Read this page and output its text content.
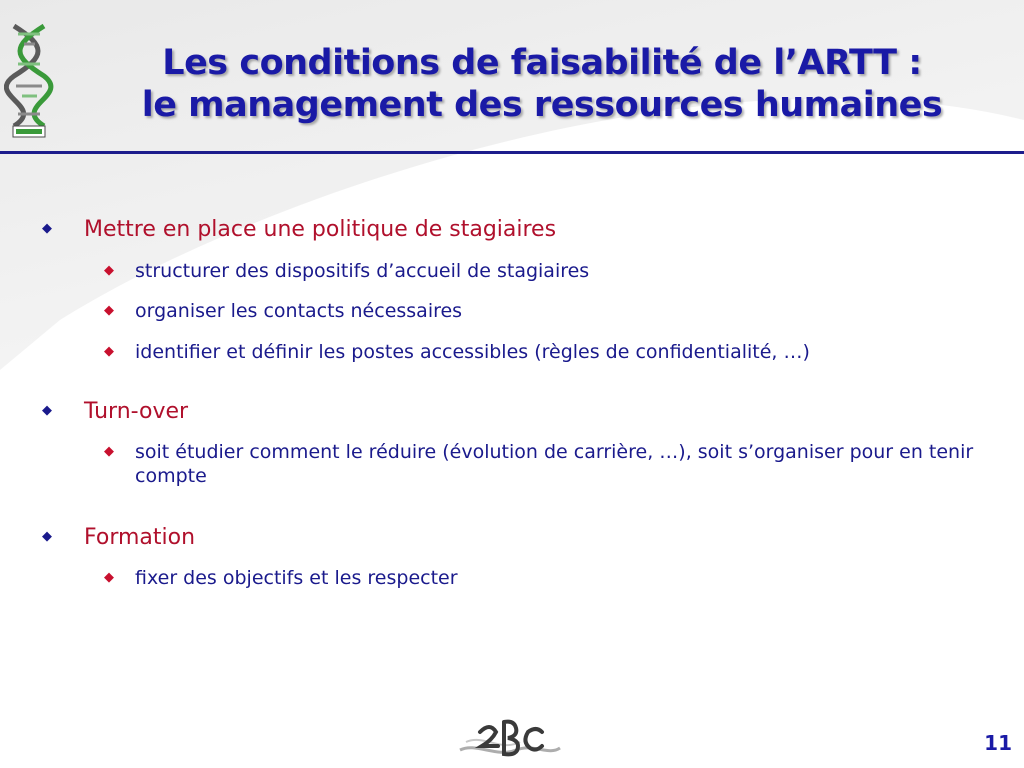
Les conditions de faisabilité de l’ARTT :
le management des ressources humaines
◆ Mettre en place une politique de stagiaires
◆ structurer des dispositifs d’accueil de stagiaires
◆ organiser les contacts nécessaires
◆ identifier et définir les postes accessibles (règles de confidentialité, …)
◆ Turn-over
◆ soit étudier comment le réduire (évolution de carrière, …), soit s’organiser pour en tenir compte
◆ Formation
◆ fixer des objectifs et les respecter
11
